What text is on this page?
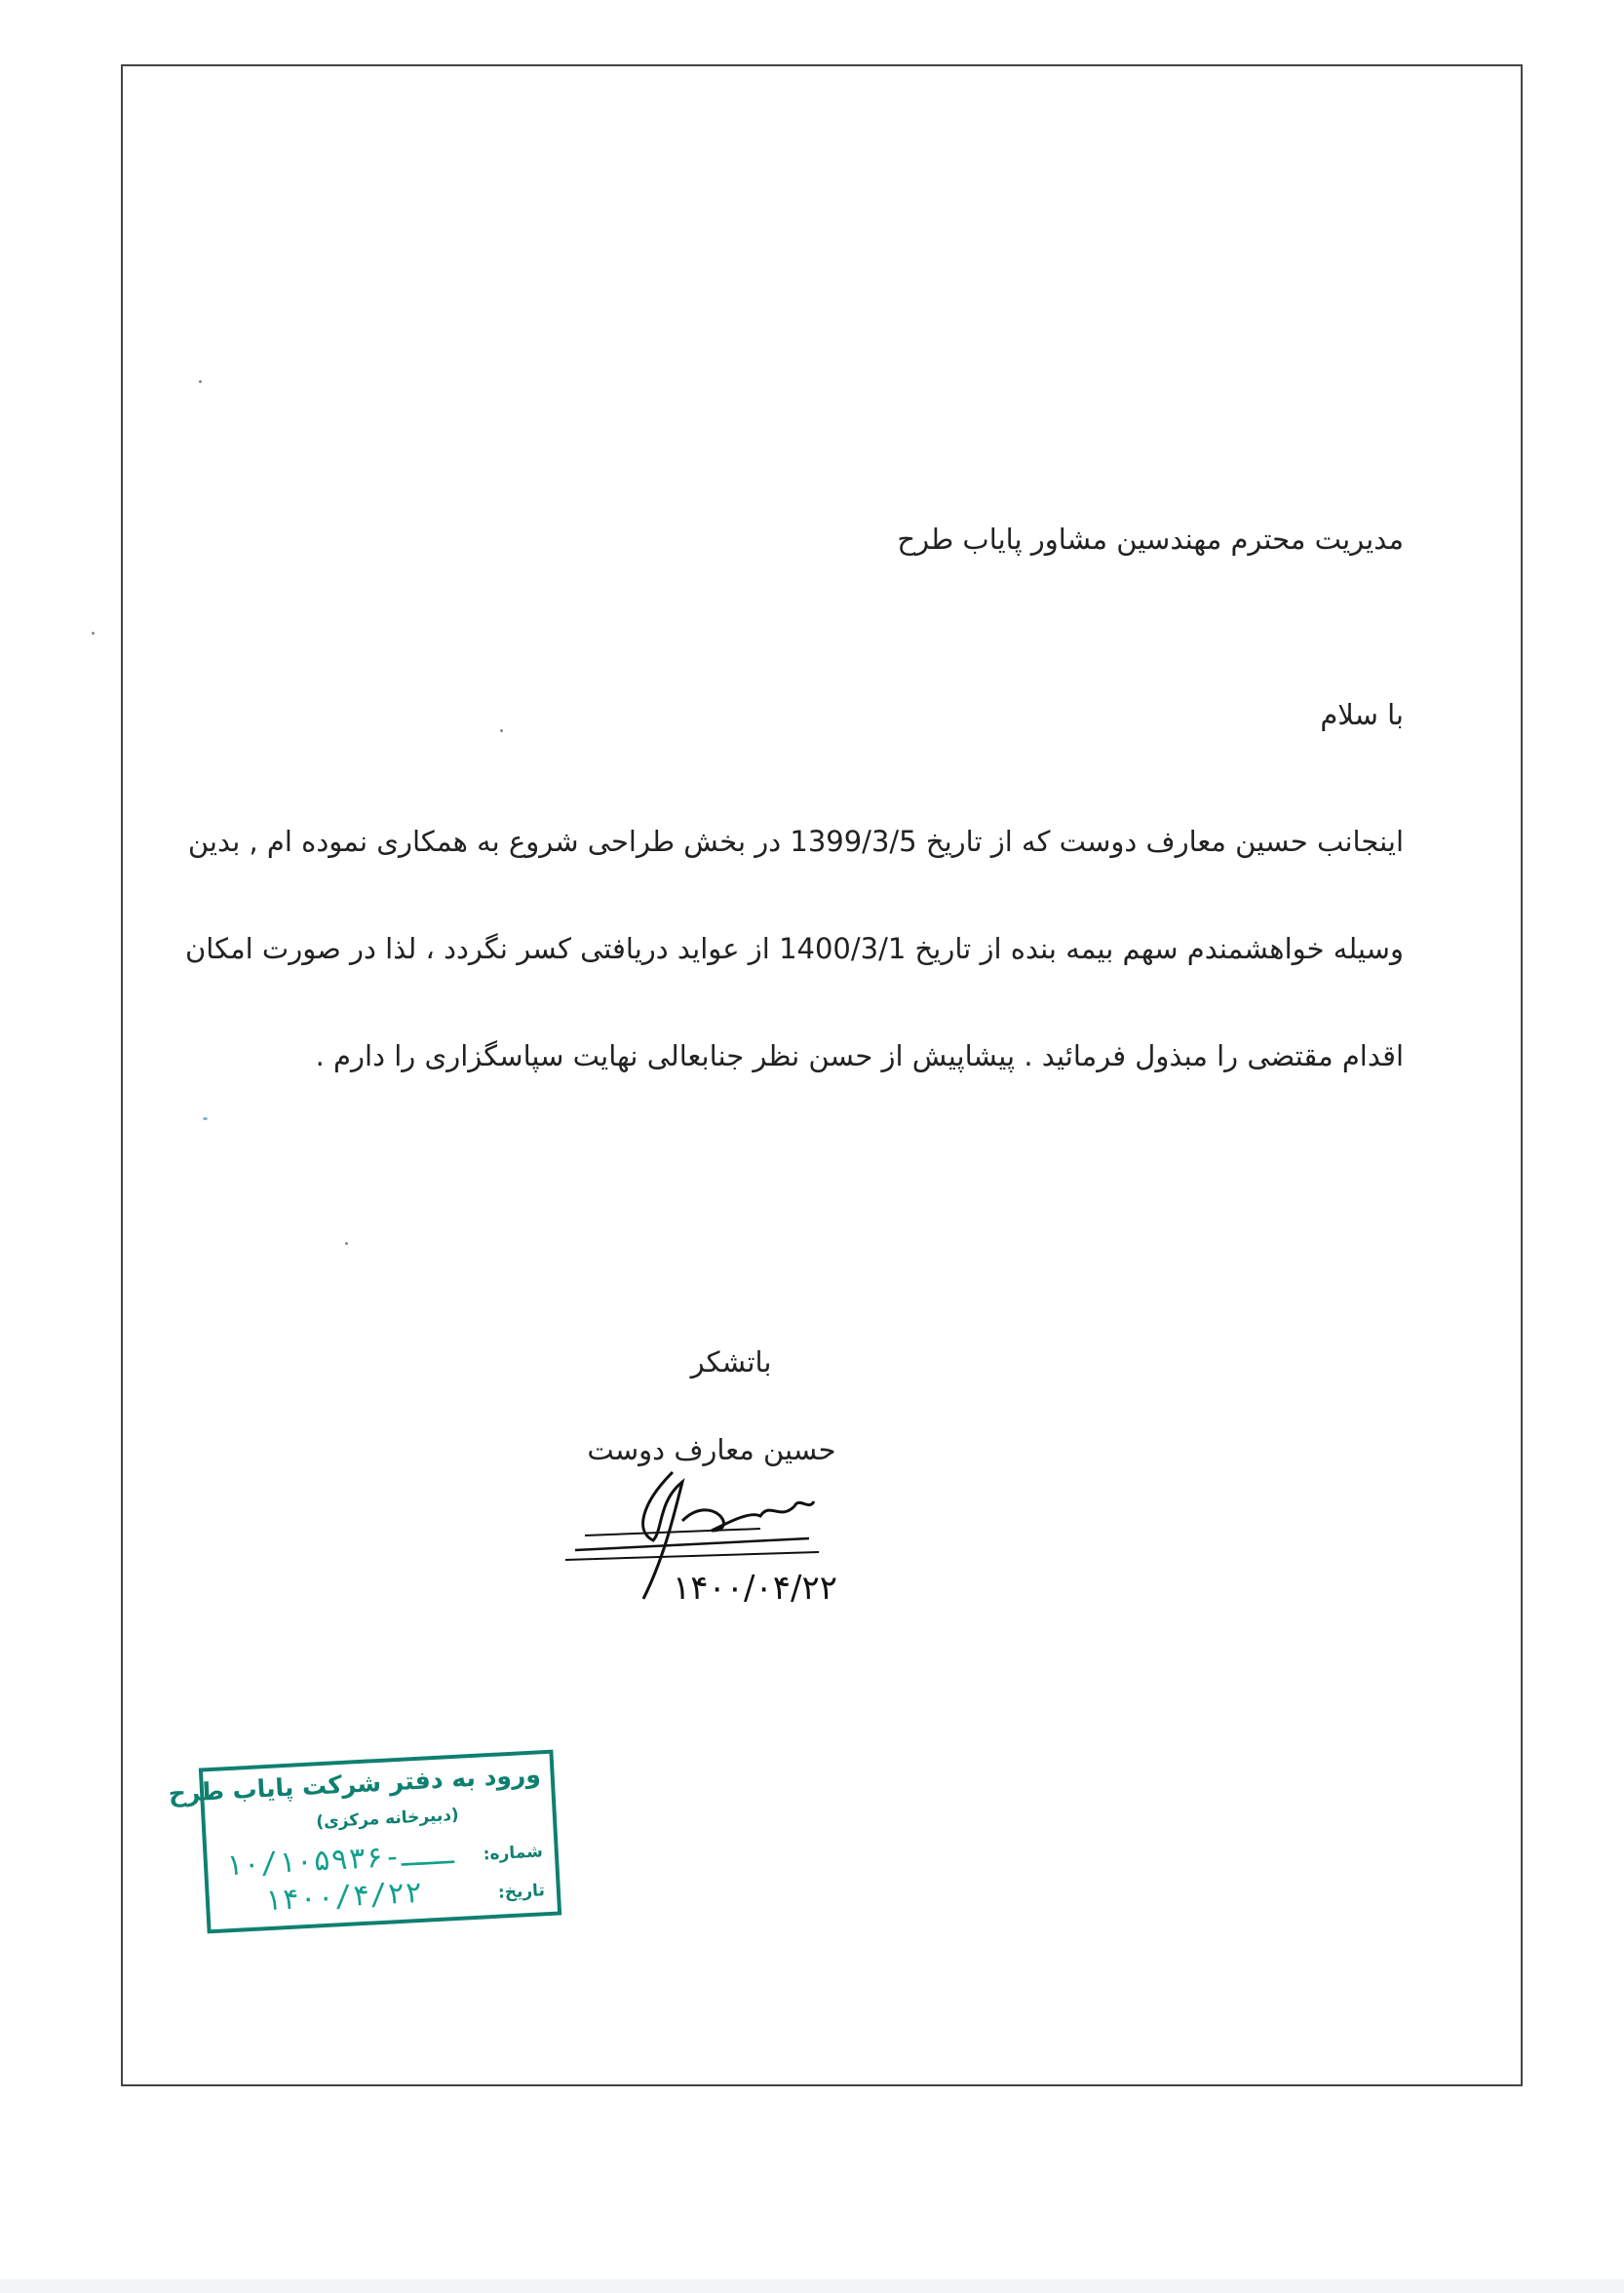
مدیریت محترم مهندسین مشاور پایاب طرح
با سلام
اینجانب حسین معارف دوست که از تاریخ 1399/3/5 در بخش طراحی شروع به همکاری نموده ام , بدین
وسیله خواهشمندم سهم بیمه بنده از تاریخ 1400/3/1 از عواید دریافتی کسر نگردد ، لذا در صورت امکان
اقدام مقتضی را مبذول فرمائید . پیشاپیش از حسن نظر جنابعالی نهایت سپاسگزاری را دارم .
باتشکر
حسین معارف دوست
۱۴۰۰/۰۴/۲۲
ورود به دفتر شرکت پایاب طرح
(دبیرخانه مرکزی)
شماره:
تاریخ:
۱۰/ـــ-۱۰۵۹۳۶
۱۴۰۰/۴/۲۲
